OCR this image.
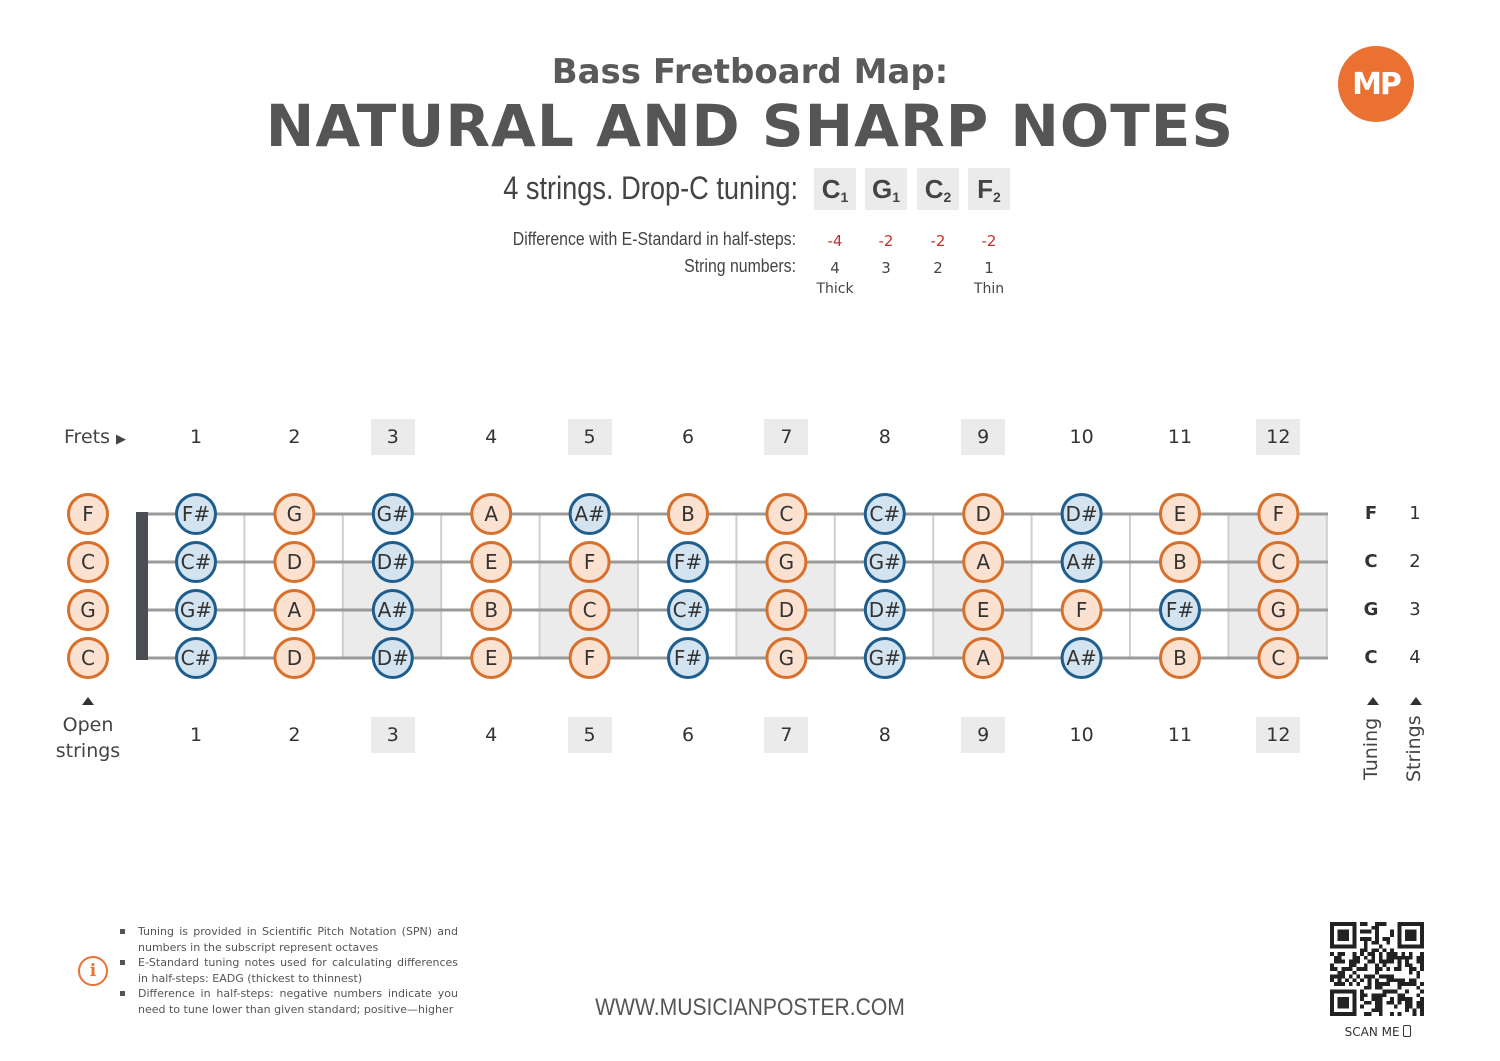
Bass Fretboard Map:
NATURAL AND SHARP NOTES
MP
4 strings. Drop-C tuning: $C_1$ $G_1$ $C_2$ $F_2$
Difference with E-Standard in half-steps:	-4	-2	-2	-2
String numbers:	4	3	2	1
Thick	Thin
Frets ▶	1	2	3	4	5	6	7	8	9	10	11	12
1	2	3	4	5	6	7	8	9	10	11	12
F	F#	G	G#	A	A#	B	C	C#	D	D#	E	F
C	C#	D	D#	E	F	F#	G	G#	A	A#	B	C
G	G#	A	A#	B	C	C#	D	D#	E	F	F#	G
C	C#	D	D#	E	F	F#	G	G#	A	A#	B	C
Open
strings	Tuning Strings
F	1
C	2
G	3
C	4
i
Tuning is provided in Scientific Pitch Notation (SPN) and numbers in the subscript represent octaves
E-Standard tuning notes used for calculating differences in half-steps: EADG (thickest to thinnest)
Difference in half-steps: negative numbers indicate you need to tune lower than given standard; positive—higher	WWW.MUSICIANPOSTER.COM
SCAN ME
